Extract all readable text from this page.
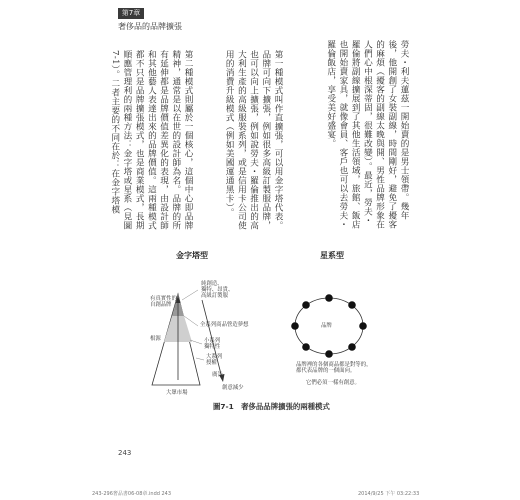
第7章
奢侈品的品牌擴張
勞夫・利夫蓮茲一開始賣的是男士領帶。幾年後，他開創了女裝副線，時間剛好，避免了擾客的麻煩（擾客的副線太晚與開、男性品牌形象在人們心中根深蒂固，很難改變）。最近，勞夫・羅倫將副線擴展到了其他生活領域，旅館、飯店也開始賣家具，就像會員、客戶也可以去勞夫・羅倫飯店，享受美好盛宴。
第一種模式叫作直擴張，可以用金字塔代表。品牌可向下擴張，例如很多高級訂製服品牌，也可以向上擴張，例如說勞夫・羅倫推出的高大利生產的高級服裝系列，或是信用卡公司使用的消費升級模式（例如美國運通黑卡）。
第二種模式則屬於一個核心，這個中心即品牌精神，通常是以在世的設計師為名。品牌的所有延伸都是品牌價值差異化的表現，由設計師和其他藝人表達出來的品牌價值。這兩種模式都不只是品牌擴張模式，也是商業模式，長期順應管理利的兩種方法：金字塔或星系（見圖7-1）。二者主要的不同在於：在金字塔模
金字塔型	星系型
有真實性的
自創品牌
純創造、
獨特、昂貴、
高級訂製服
全系列商品營造夢想
根源	小系列
獨特性
大系列
授權
廣告
創意減少
大眾市場
品牌
品牌裡的各個商品都是對等的，
都代表品牌的一個面向。
它們必須一樣有創意。
圖7-1　奢侈品品牌擴張的兩種模式
243
243-296奢品書06-08章.indd 243	2014/9/25 下午 03:22:33
